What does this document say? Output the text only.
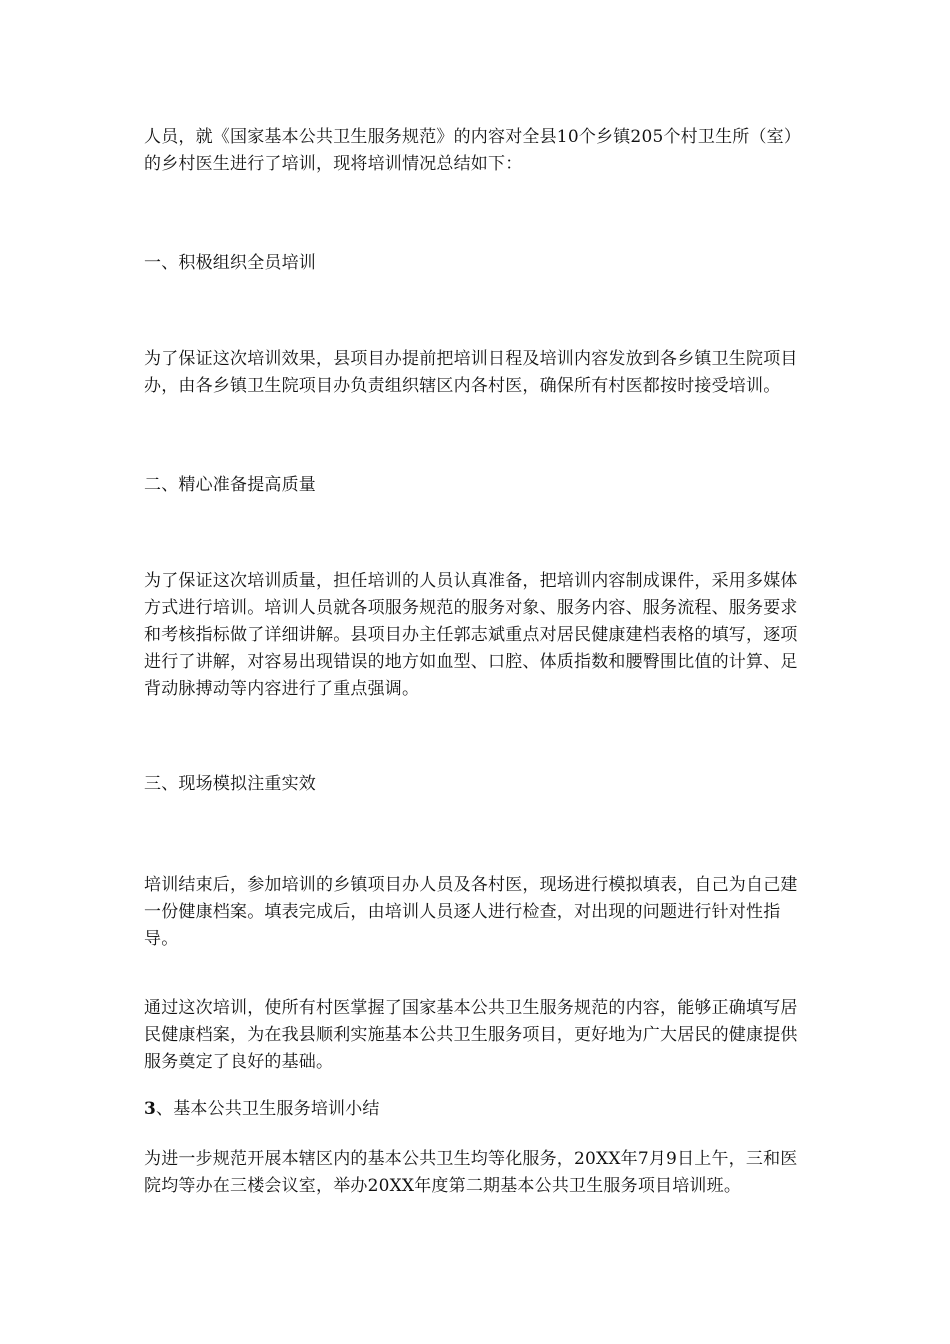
人员，就《国家基本公共卫生服务规范》的内容对全县10个乡镇205个村卫生所（室）的乡村医生进行了培训，现将培训情况总结如下：

一、积极组织全员培训

为了保证这次培训效果，县项目办提前把培训日程及培训内容发放到各乡镇卫生院项目办，由各乡镇卫生院项目办负责组织辖区内各村医，确保所有村医都按时接受培训。

二、精心准备提高质量

为了保证这次培训质量，担任培训的人员认真准备，把培训内容制成课件，采用多媒体方式进行培训。培训人员就各项服务规范的服务对象、服务内容、服务流程、服务要求和考核指标做了详细讲解。县项目办主任郭志斌重点对居民健康建档表格的填写，逐项进行了讲解，对容易出现错误的地方如血型、口腔、体质指数和腰臀围比值的计算、足背动脉搏动等内容进行了重点强调。

三、现场模拟注重实效

培训结束后，参加培训的乡镇项目办人员及各村医，现场进行模拟填表，自己为自己建一份健康档案。填表完成后，由培训人员逐人进行检查，对出现的问题进行针对性指导。

通过这次培训，使所有村医掌握了国家基本公共卫生服务规范的内容，能够正确填写居民健康档案，为在我县顺利实施基本公共卫生服务项目，更好地为广大居民的健康提供服务奠定了良好的基础。

3、基本公共卫生服务培训小结

为进一步规范开展本辖区内的基本公共卫生均等化服务，20XX年7月9日上午，三和医院均等办在三楼会议室，举办20XX年度第二期基本公共卫生服务项目培训班。
